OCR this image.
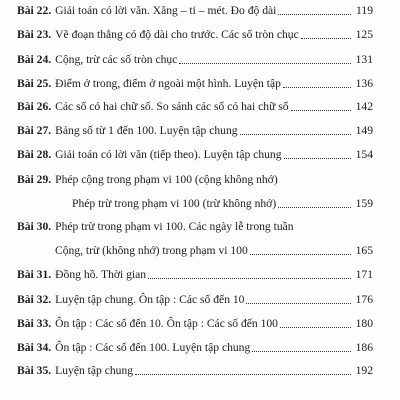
Bài 22. Giải toán có lời văn. Xăng – ti – mét. Đo độ dài	119
Bài 23. Vẽ đoạn thẳng có độ dài cho trước. Các số tròn chục	125
Bài 24. Cộng, trừ các số tròn chục	131
Bài 25. Điểm ở trong, điểm ở ngoài một hình. Luyện tập	136
Bài 26. Các số có hai chữ số. So sánh các số có hai chữ số	142
Bài 27. Bảng số từ 1 đến 100. Luyện tập chung	149
Bài 28. Giải toán có lời văn (tiếp theo). Luyện tập chung	154
Bài 29. Phép cộng trong phạm vi 100 (cộng không nhớ)
Phép trừ trong phạm vi 100 (trừ không nhớ)	159
Bài 30. Phép trừ trong phạm vi 100. Các ngày lễ trong tuần
Cộng, trừ (không nhớ) trong phạm vi 100	165
Bài 31. Đồng hồ. Thời gian	171
Bài 32. Luyện tập chung. Ôn tập : Các số đến 10	176
Bài 33. Ôn tập : Các số đến 10. Ôn tập : Các số đến 100	180
Bài 34. Ôn tập : Các số đến 100. Luyện tập chung	186
Bài 35. Luyện tập chung	192
